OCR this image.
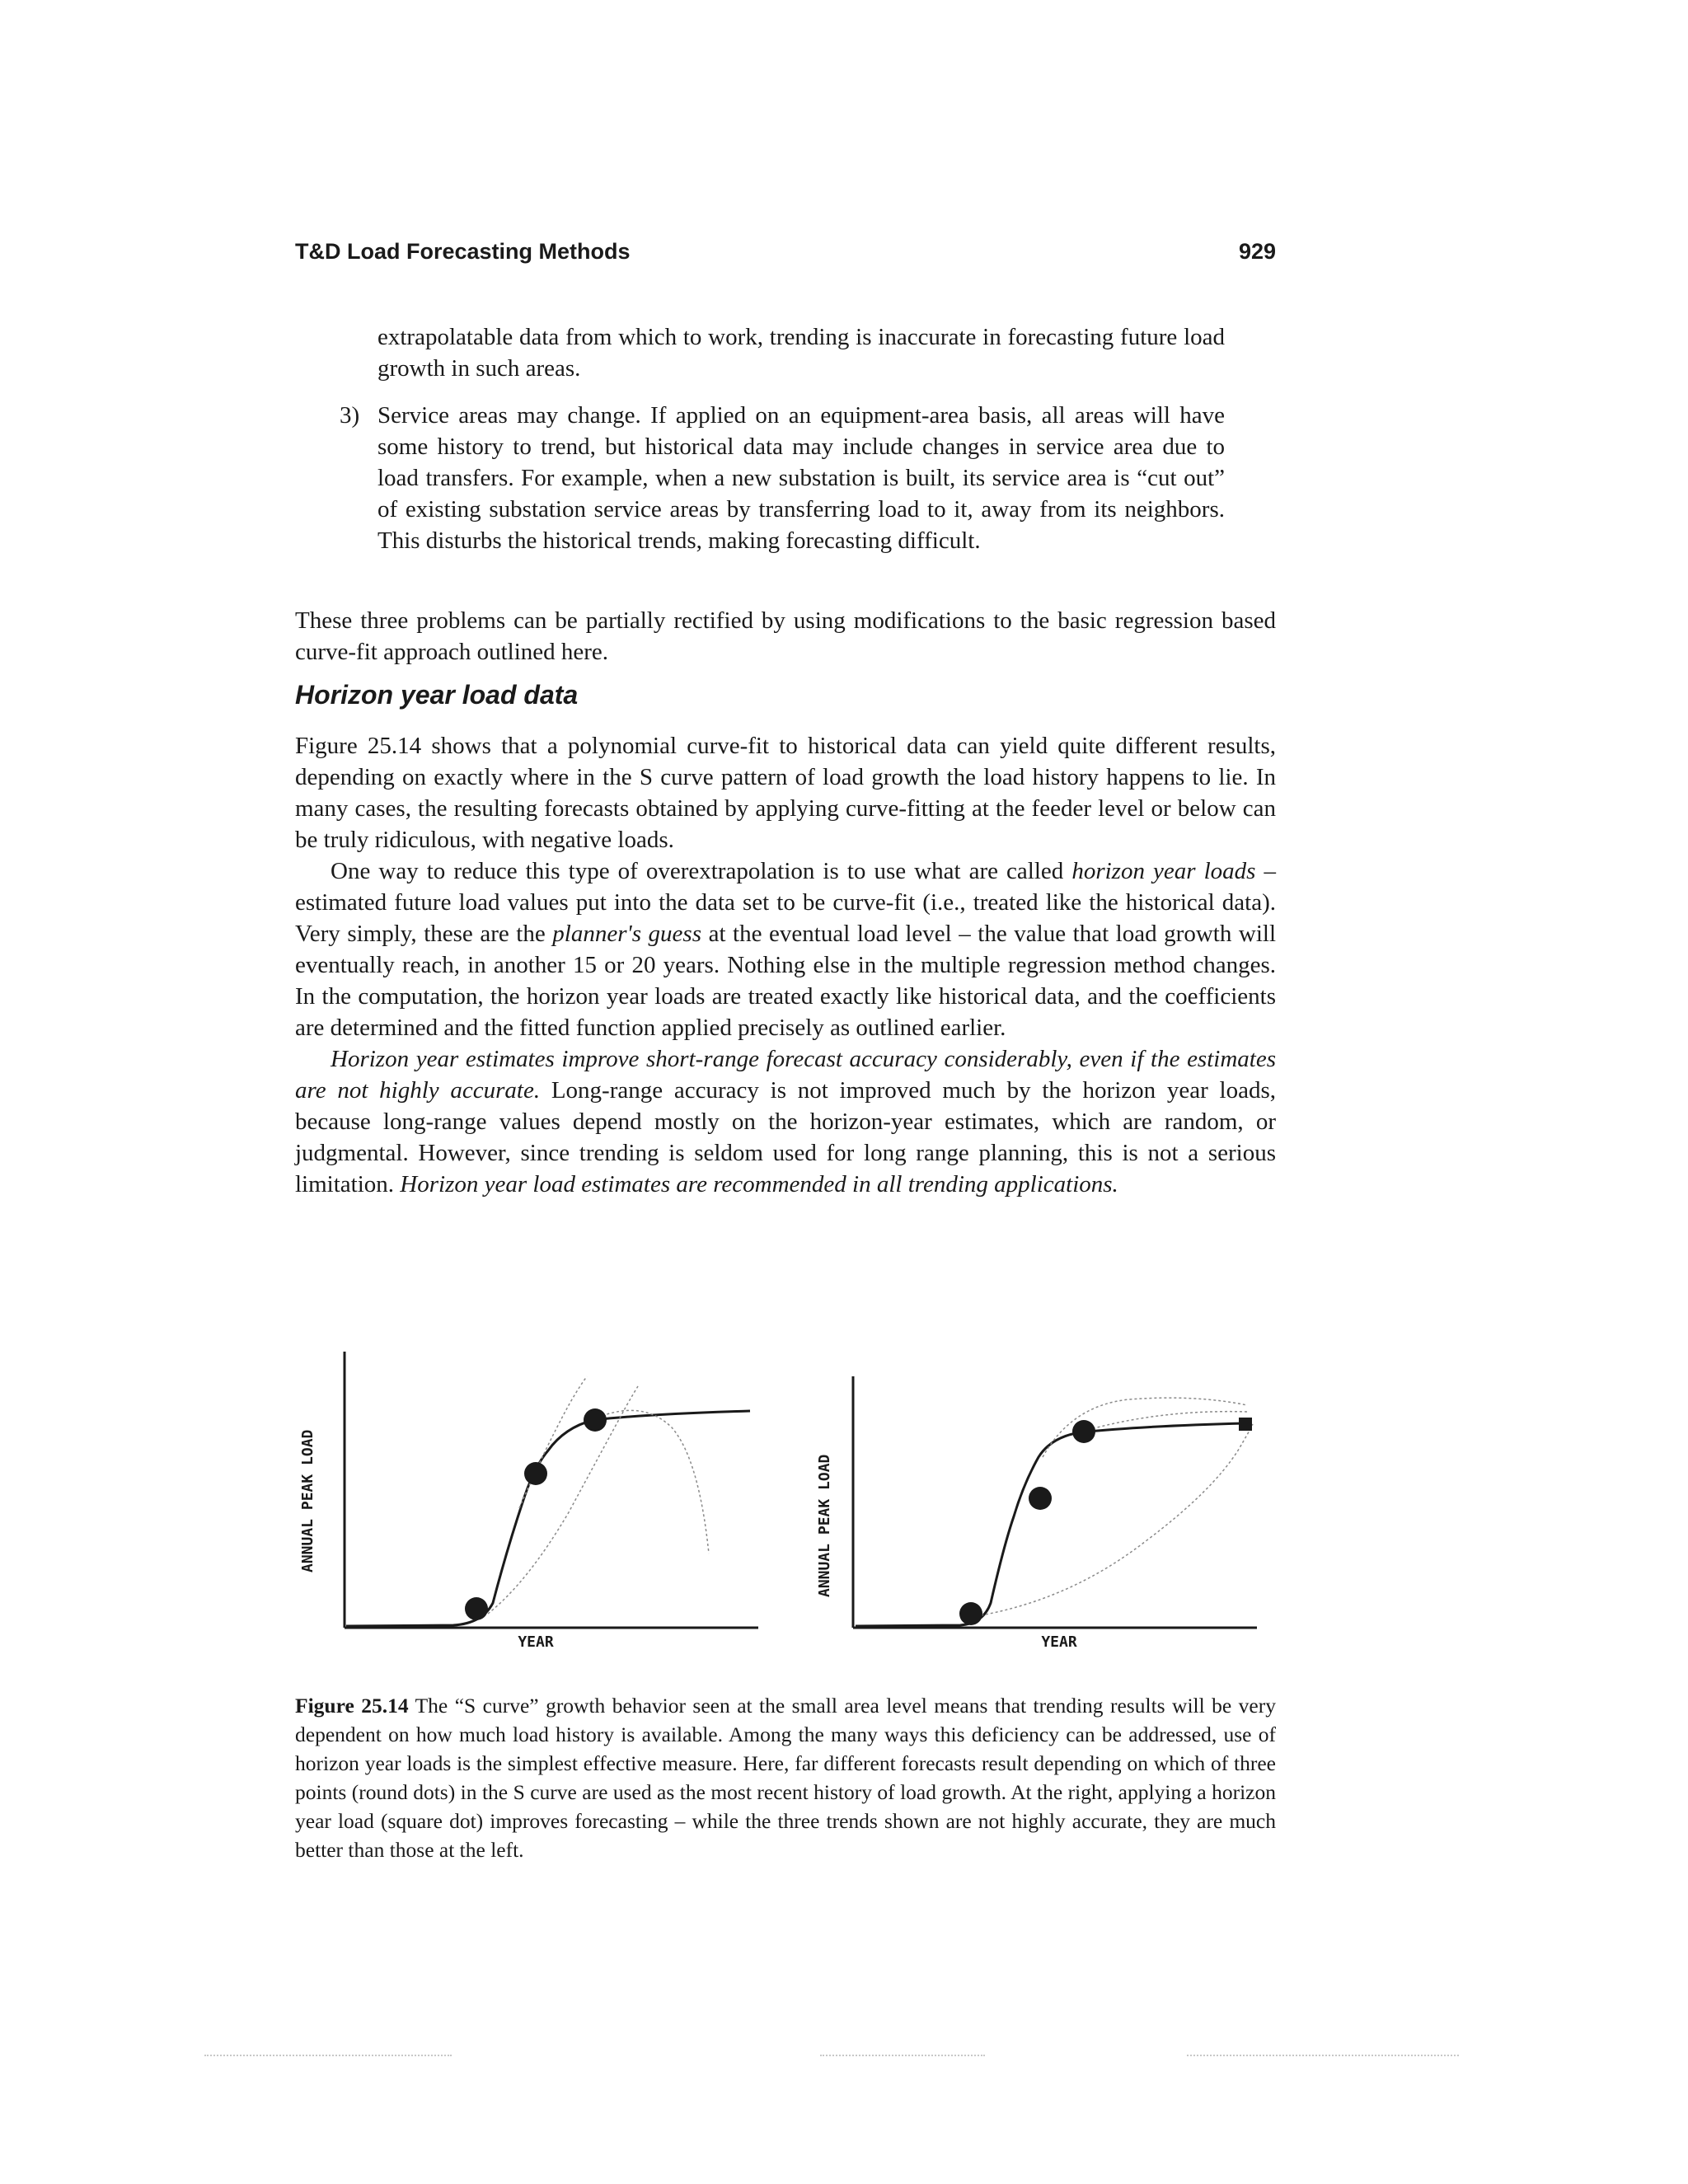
T&D Load Forecasting Methods	929

extrapolatable data from which to work, trending is inaccurate in forecasting future load growth in such areas.

3) Service areas may change. If applied on an equipment-area basis, all areas will have some history to trend, but historical data may include changes in service area due to load transfers. For example, when a new substation is built, its service area is “cut out” of existing substation service areas by transferring load to it, away from its neighbors. This disturbs the historical trends, making forecasting difficult.

These three problems can be partially rectified by using modifications to the basic regression based curve-fit approach outlined here.

Horizon year load data

Figure 25.14 shows that a polynomial curve-fit to historical data can yield quite different results, depending on exactly where in the S curve pattern of load growth the load history happens to lie. In many cases, the resulting forecasts obtained by applying curve-fitting at the feeder level or below can be truly ridiculous, with negative loads.

One way to reduce this type of overextrapolation is to use what are called horizon year loads – estimated future load values put into the data set to be curve-fit (i.e., treated like the historical data). Very simply, these are the planner's guess at the eventual load level – the value that load growth will eventually reach, in another 15 or 20 years. Nothing else in the multiple regression method changes. In the computation, the horizon year loads are treated exactly like historical data, and the coefficients are determined and the fitted function applied precisely as outlined earlier.

Horizon year estimates improve short-range forecast accuracy considerably, even if the estimates are not highly accurate. Long-range accuracy is not improved much by the horizon year loads, because long-range values depend mostly on the horizon-year estimates, which are random, or judgmental. However, since trending is seldom used for long range planning, this is not a serious limitation. Horizon year load estimates are recommended in all trending applications.

ANNUAL PEAK LOAD
YEAR
ANNUAL PEAK LOAD
YEAR
Figure 25.14 The “S curve” growth behavior seen at the small area level means that trending results will be very dependent on how much load history is available. Among the many ways this deficiency can be addressed, use of horizon year loads is the simplest effective measure. Here, far different forecasts result depending on which of three points (round dots) in the S curve are used as the most recent history of load growth. At the right, applying a horizon year load (square dot) improves forecasting – while the three trends shown are not highly accurate, they are much better than those at the left.
